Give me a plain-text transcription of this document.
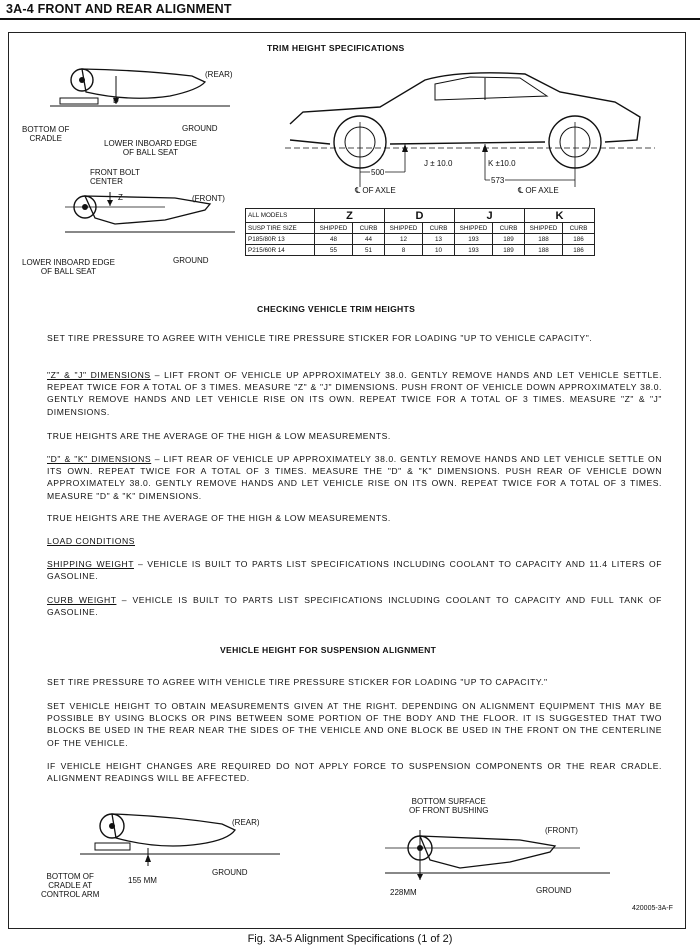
3A-4 FRONT AND REAR ALIGNMENT
TRIM HEIGHT SPECIFICATIONS
(REAR)
D
BOTTOM OF
CRADLE
GROUND
LOWER INBOARD EDGE
OF BALL SEAT
FRONT BOLT
CENTER
Z	(FRONT)
LOWER INBOARD EDGE
OF BALL SEAT
GROUND
J ± 10.0	K ±10.0
500
573
℄ OF AXLE	℄ OF AXLE
ALL MODELS	Z		D		J		K	
SUSP TIRE SIZE	SHIPPED	CURB	SHIPPED	CURB	SHIPPED	CURB	SHIPPED	CURB
P185/80R 13	48	44	12	13	193	189	188	186
P215/60R 14	55	51	8	10	193	189	188	186
CHECKING VEHICLE TRIM HEIGHTS
SET TIRE PRESSURE TO AGREE WITH VEHICLE TIRE PRESSURE STICKER FOR LOADING "UP TO VEHICLE CAPACITY".
"Z" & "J" DIMENSIONS – LIFT FRONT OF VEHICLE UP APPROXIMATELY 38.0. GENTLY REMOVE HANDS AND LET VEHICLE SETTLE. REPEAT TWICE FOR A TOTAL OF 3 TIMES. MEASURE "Z" & "J" DIMENSIONS. PUSH FRONT OF VEHICLE DOWN APPROXIMATELY 38.0. GENTLY REMOVE HANDS AND LET VEHICLE RISE ON ITS OWN. REPEAT TWICE FOR A TOTAL OF 3 TIMES. MEASURE "Z" & "J" DIMENSIONS.
TRUE HEIGHTS ARE THE AVERAGE OF THE HIGH & LOW MEASUREMENTS.
"D" & "K" DIMENSIONS – LIFT REAR OF VEHICLE UP APPROXIMATELY 38.0. GENTLY REMOVE HANDS AND LET VEHICLE SETTLE ON ITS OWN. REPEAT TWICE FOR A TOTAL OF 3 TIMES. MEASURE THE "D" & "K" DIMENSIONS. PUSH REAR OF VEHICLE DOWN APPROXIMATELY 38.0. GENTLY REMOVE HANDS AND LET VEHICLE RISE ON ITS OWN. REPEAT TWICE FOR A TOTAL OF 3 TIMES. MEASURE "D" & "K" DIMENSIONS.
TRUE HEIGHTS ARE THE AVERAGE OF THE HIGH & LOW MEASUREMENTS.
LOAD CONDITIONS
SHIPPING WEIGHT – VEHICLE IS BUILT TO PARTS LIST SPECIFICATIONS INCLUDING COOLANT TO CAPACITY AND 11.4 LITERS OF GASOLINE.
CURB WEIGHT – VEHICLE IS BUILT TO PARTS LIST SPECIFICATIONS INCLUDING COOLANT TO CAPACITY AND FULL TANK OF GASOLINE.
VEHICLE HEIGHT FOR SUSPENSION ALIGNMENT
SET TIRE PRESSURE TO AGREE WITH VEHICLE TIRE PRESSURE STICKER FOR LOADING "UP TO CAPACITY."
SET VEHICLE HEIGHT TO OBTAIN MEASUREMENTS GIVEN AT THE RIGHT. DEPENDING ON ALIGNMENT EQUIPMENT THIS MAY BE POSSIBLE BY USING BLOCKS OR PINS BETWEEN SOME PORTION OF THE BODY AND THE FLOOR. IT IS SUGGESTED THAT TWO BLOCKS BE USED IN THE REAR NEAR THE SIDES OF THE VEHICLE AND ONE BLOCK BE USED IN THE FRONT ON THE CENTERLINE OF THE VEHICLE.
IF VEHICLE HEIGHT CHANGES ARE REQUIRED DO NOT APPLY FORCE TO SUSPENSION COMPONENTS OR THE REAR CRADLE. ALIGNMENT READINGS WILL BE AFFECTED.
(REAR)
BOTTOM OF
CRADLE AT
CONTROL ARM
155 MM
GROUND
BOTTOM SURFACE
OF FRONT BUSHING
(FRONT)
228MM	GROUND
420005-3A-F
Fig. 3A-5 Alignment Specifications (1 of 2)
